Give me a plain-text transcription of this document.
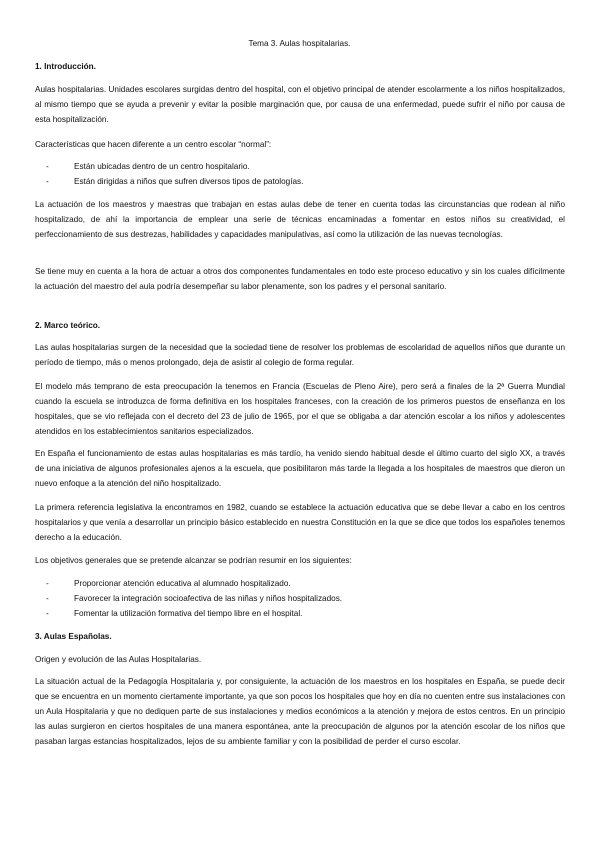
Tema 3. Aulas hospitalarias.

1. Introducción.

Aulas hospitalarias. Unidades escolares surgidas dentro del hospital, con el objetivo principal de atender escolarmente a los niños hospitalizados, al mismo tiempo que se ayuda a prevenir y evitar la posible marginación que, por causa de una enfermedad, puede sufrir el niño por causa de esta hospitalización.

Características que hacen diferente a un centro escolar “normal”:

-	Están ubicadas dentro de un centro hospitalario.
-	Están dirigidas a niños que sufren diversos tipos de patologías.

La actuación de los maestros y maestras que trabajan en estas aulas debe de tener en cuenta todas las circunstancias que rodean al niño hospitalizado, de ahí la importancia de emplear una serie de técnicas encaminadas a fomentar en estos niños su creatividad, el perfeccionamiento de sus destrezas, habilidades y capacidades manipulativas, así como la utilización de las nuevas tecnologías.

Se tiene muy en cuenta a la hora de actuar a otros dos componentes fundamentales en todo este proceso educativo y sin los cuales difícilmente la actuación del maestro del aula podría desempeñar su labor plenamente, son los padres y el personal sanitario.

2. Marco teórico.

Las aulas hospitalarias surgen de la necesidad que la sociedad tiene de resolver los problemas de escolaridad de aquellos niños que durante un período de tiempo, más o menos prolongado, deja de asistir al colegio de forma regular.

El modelo más temprano de esta preocupación la tenemos en Francia (Escuelas de Pleno Aire), pero será a finales de la 2ª Guerra Mundial cuando la escuela se introduzca de forma definitiva en los hospitales franceses, con la creación de los primeros puestos de enseñanza en los hospitales, que se vio reflejada con el decreto del 23 de julio de 1965, por el que se obligaba a dar atención escolar a los niños y adolescentes atendidos en los establecimientos sanitarios especializados.

En España el funcionamiento de estas aulas hospitalarias es más tardío, ha venido siendo habitual desde el último cuarto del siglo XX, a través de una iniciativa de algunos profesionales ajenos a la escuela, que posibilitaron más tarde la llegada a los hospitales de maestros que dieron un nuevo enfoque a la atención del niño hospitalizado.

La primera referencia legislativa la encontramos en 1982, cuando se establece la actuación educativa que se debe llevar a cabo en los centros hospitalarios y que venía a desarrollar un principio básico establecido en nuestra Constitución en la que se dice que todos los españoles tenemos derecho a la educación.

Los objetivos generales que se pretende alcanzar se podrían resumir en los siguientes:

-	Proporcionar atención educativa al alumnado hospitalizado.
-	Favorecer la integración socioafectiva de las niñas y niños hospitalizados.
-	Fomentar la utilización formativa del tiempo libre en el hospital.

3. Aulas Españolas.

Origen y evolución de las Aulas Hospitalarias.

La situación actual de la Pedagogía Hospitalaria y, por consiguiente, la actuación de los maestros en los hospitales en España, se puede decir que se encuentra en un momento ciertamente importante, ya que son pocos los hospitales que hoy en día no cuenten entre sus instalaciones con un Aula Hospitalaria y que no dediquen parte de sus instalaciones y medios económicos a la atención y mejora de estos centros. En un principio las aulas surgieron en ciertos hospitales de una manera espontánea, ante la preocupación de algunos por la atención escolar de los niños que pasaban largas estancias hospitalizados, lejos de su ambiente familiar y con la posibilidad de perder el curso escolar.
